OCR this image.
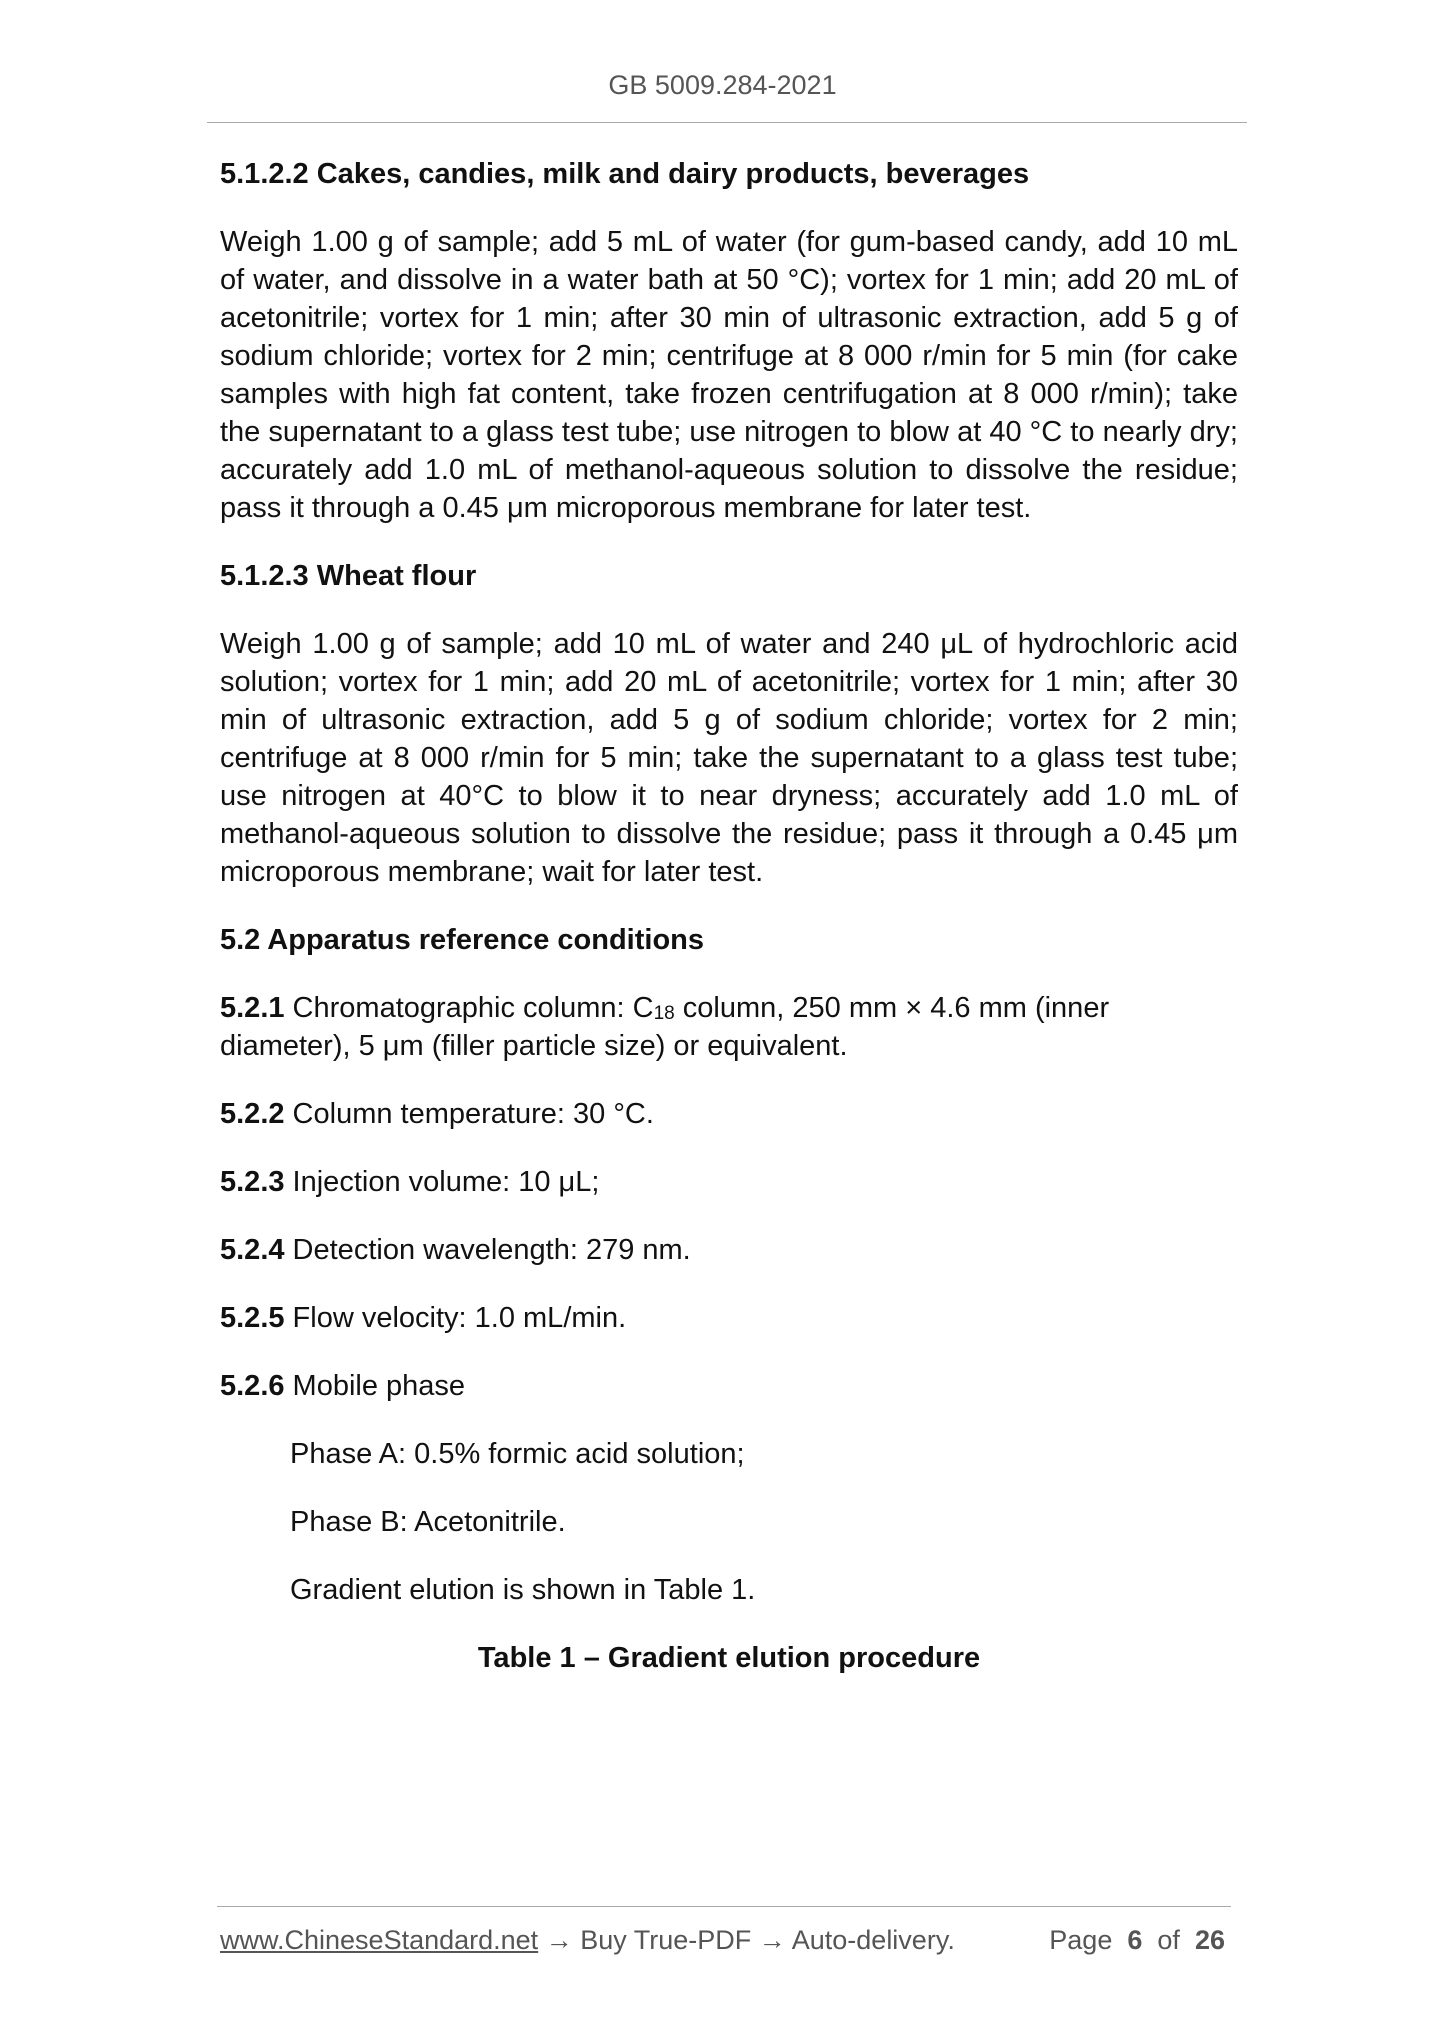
GB 5009.284-2021

5.1.2.2 Cakes, candies, milk and dairy products, beverages

Weigh 1.00 g of sample; add 5 mL of water (for gum-based candy, add 10 mL of water, and dissolve in a water bath at 50 °C); vortex for 1 min; add 20 mL of acetonitrile; vortex for 1 min; after 30 min of ultrasonic extraction, add 5 g of sodium chloride; vortex for 2 min; centrifuge at 8 000 r/min for 5 min (for cake samples with high fat content, take frozen centrifugation at 8 000 r/min); take the supernatant to a glass test tube; use nitrogen to blow at 40 °C to nearly dry; accurately add 1.0 mL of methanol-aqueous solution to dissolve the residue; pass it through a 0.45 μm microporous membrane for later test.

5.1.2.3 Wheat flour

Weigh 1.00 g of sample; add 10 mL of water and 240 μL of hydrochloric acid solution; vortex for 1 min; add 20 mL of acetonitrile; vortex for 1 min; after 30 min of ultrasonic extraction, add 5 g of sodium chloride; vortex for 2 min; centrifuge at 8 000 r/min for 5 min; take the supernatant to a glass test tube; use nitrogen at 40°C to blow it to near dryness; accurately add 1.0 mL of methanol-aqueous solution to dissolve the residue; pass it through a 0.45 μm microporous membrane; wait for later test.

5.2 Apparatus reference conditions

5.2.1 Chromatographic column: $C_{18}$ column, 250 mm × 4.6 mm (inner diameter), 5 μm (filler particle size) or equivalent.

5.2.2 Column temperature: 30 °C.

5.2.3 Injection volume: 10 μL;

5.2.4 Detection wavelength: 279 nm.

5.2.5 Flow velocity: 1.0 mL/min.

5.2.6 Mobile phase

Phase A: 0.5% formic acid solution;

Phase B: Acetonitrile.

Gradient elution is shown in Table 1.

Table 1 – Gradient elution procedure

www.ChineseStandard.net → Buy True-PDF → Auto-delivery.	Page 6 of 26
